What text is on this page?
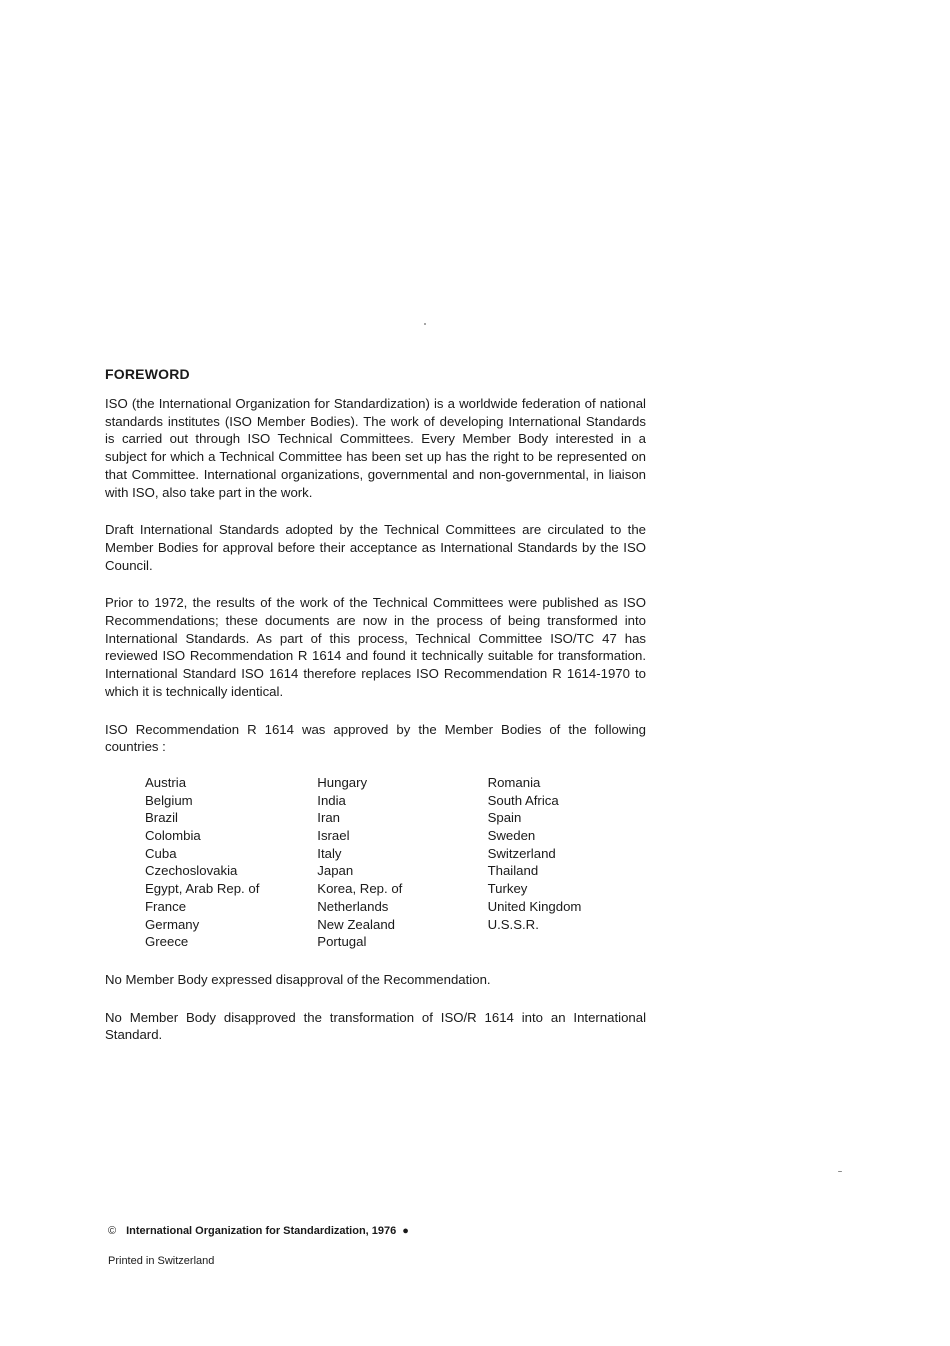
FOREWORD

ISO (the International Organization for Standardization) is a worldwide federation of national standards institutes (ISO Member Bodies). The work of developing International Standards is carried out through ISO Technical Committees. Every Member Body interested in a subject for which a Technical Committee has been set up has the right to be represented on that Committee. International organizations, governmental and non-governmental, in liaison with ISO, also take part in the work.

Draft International Standards adopted by the Technical Committees are circulated to the Member Bodies for approval before their acceptance as International Standards by the ISO Council.

Prior to 1972, the results of the work of the Technical Committees were published as ISO Recommendations; these documents are now in the process of being transformed into International Standards. As part of this process, Technical Committee ISO/TC 47 has reviewed ISO Recommendation R 1614 and found it technically suitable for transformation. International Standard ISO 1614 therefore replaces ISO Recommendation R 1614-1970 to which it is technically identical.

ISO Recommendation R 1614 was approved by the Member Bodies of the following countries :

Austria
Belgium
Brazil
Colombia
Cuba
Czechoslovakia
Egypt, Arab Rep. of
France
Germany
Greece
Hungary
India
Iran
Israel
Italy
Japan
Korea, Rep. of
Netherlands
New Zealand
Portugal
Romania
South Africa
Spain
Sweden
Switzerland
Thailand
Turkey
United Kingdom
U.S.S.R.

No Member Body expressed disapproval of the Recommendation.

No Member Body disapproved the transformation of ISO/R 1614 into an International Standard.

© International Organization for Standardization, 1976 ●
Printed in Switzerland
